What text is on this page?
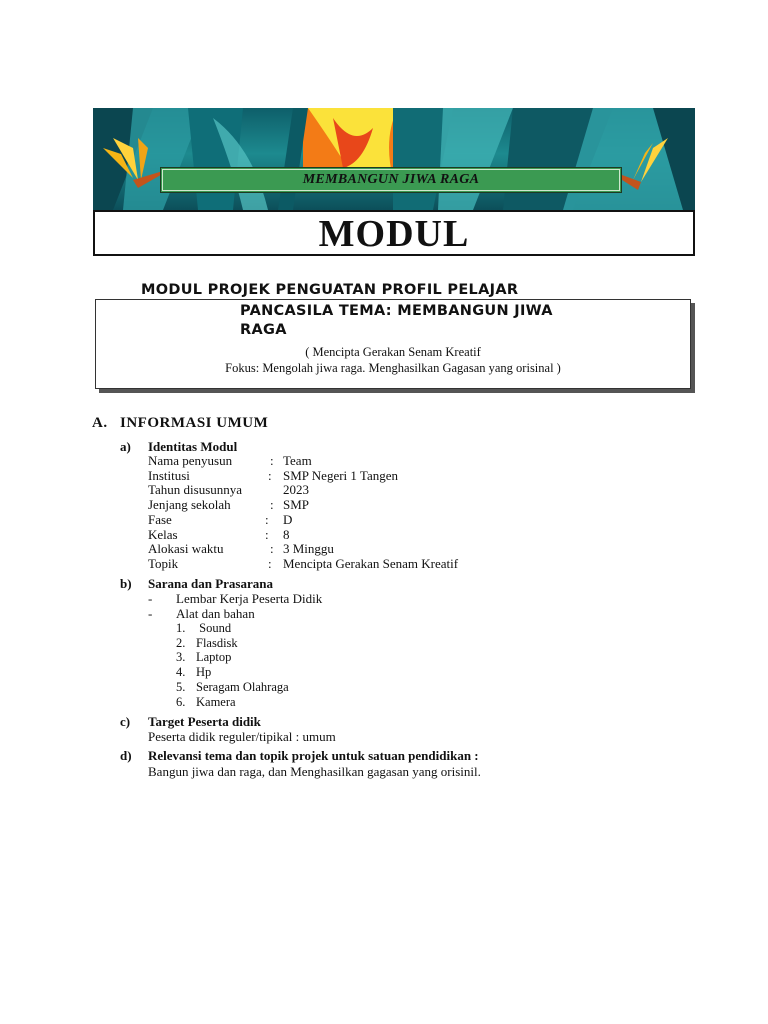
MEMBANGUN JIWA RAGA
MODUL
MODUL PROJEK PENGUATAN PROFIL PELAJAR
PANCASILA TEMA: MEMBANGUN JIWA RAGA
( Mencipta Gerakan Senam Kreatif
Fokus: Mengolah jiwa raga. Menghasilkan Gagasan yang orisinal )
A. INFORMASI UMUM
a) Identitas Modul
Nama penyusun	: Team
Institusi	: SMP Negeri 1 Tangen
Tahun disusunnya	2023
Jenjang sekolah	: SMP
Fase	: D
Kelas	: 8
Alokasi waktu	: 3 Minggu
Topik	: Mencipta Gerakan Senam Kreatif
b) Sarana dan Prasarana
- Lembar Kerja Peserta Didik
- Alat dan bahan
1. Sound
2. Flasdisk
3. Laptop
4. Hp
5. Seragam Olahraga
6. Kamera
c) Target Peserta didik
Peserta didik reguler/tipikal : umum
d) Relevansi tema dan topik projek untuk satuan pendidikan :
Bangun jiwa dan raga, dan Menghasilkan gagasan yang orisinil.
